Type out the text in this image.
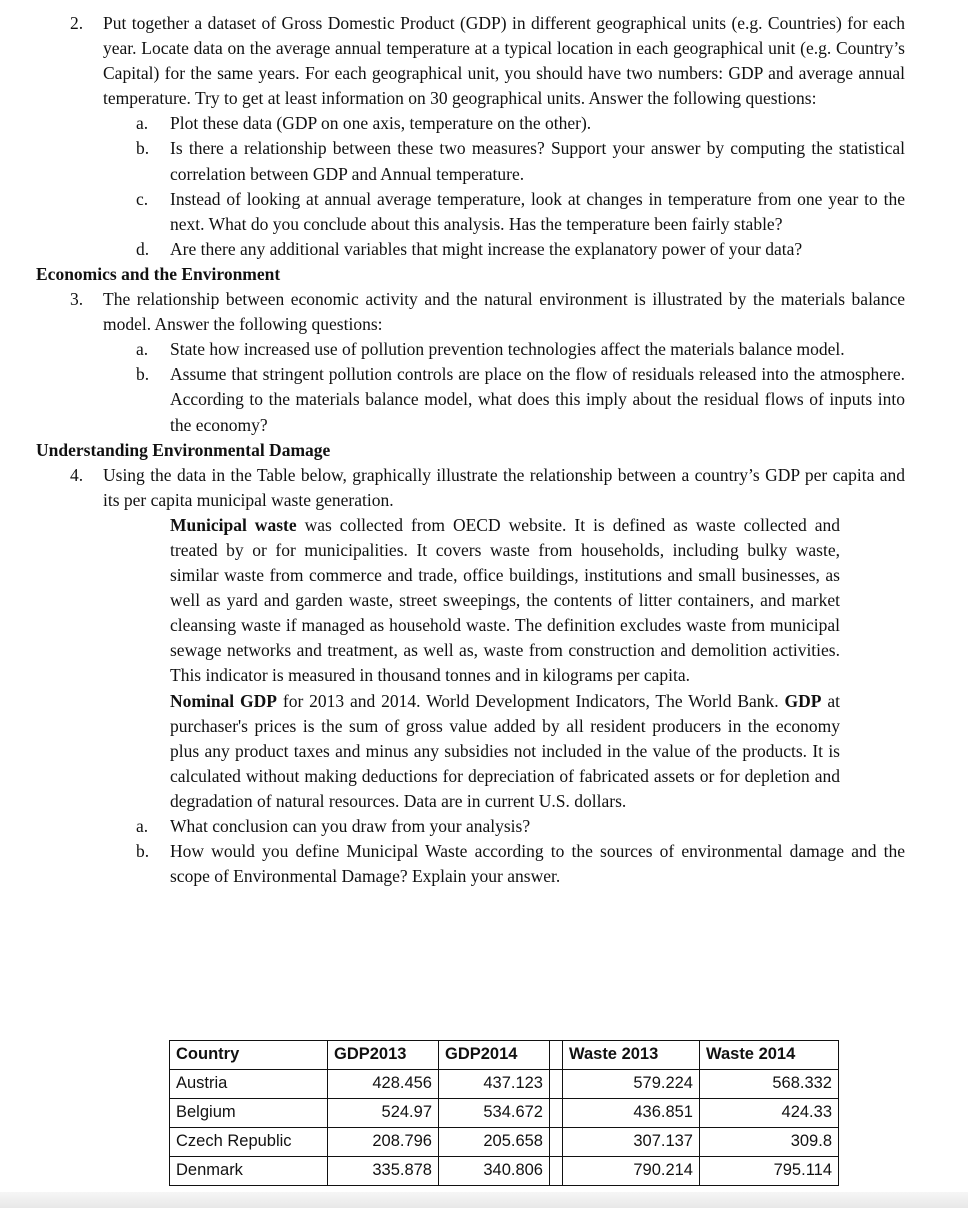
2. Put together a dataset of Gross Domestic Product (GDP) in different geographical units (e.g. Countries) for each year. Locate data on the average annual temperature at a typical location in each geographical unit (e.g. Country’s Capital) for the same years. For each geographical unit, you should have two numbers: GDP and average annual temperature. Try to get at least information on 30 geographical units. Answer the following questions:
a. Plot these data (GDP on one axis, temperature on the other).
b. Is there a relationship between these two measures? Support your answer by computing the statistical correlation between GDP and Annual temperature.
c. Instead of looking at annual average temperature, look at changes in temperature from one year to the next. What do you conclude about this analysis. Has the temperature been fairly stable?
d. Are there any additional variables that might increase the explanatory power of your data?
Economics and the Environment
3. The relationship between economic activity and the natural environment is illustrated by the materials balance model. Answer the following questions:
a. State how increased use of pollution prevention technologies affect the materials balance model.
b. Assume that stringent pollution controls are place on the flow of residuals released into the atmosphere. According to the materials balance model, what does this imply about the residual flows of inputs into the economy?
Understanding Environmental Damage
4. Using the data in the Table below, graphically illustrate the relationship between a country’s GDP per capita and its per capita municipal waste generation.
Municipal waste was collected from OECD website. It is defined as waste collected and treated by or for municipalities. It covers waste from households, including bulky waste, similar waste from commerce and trade, office buildings, institutions and small businesses, as well as yard and garden waste, street sweepings, the contents of litter containers, and market cleansing waste if managed as household waste. The definition excludes waste from municipal sewage networks and treatment, as well as, waste from construction and demolition activities. This indicator is measured in thousand tonnes and in kilograms per capita.
Nominal GDP for 2013 and 2014. World Development Indicators, The World Bank. GDP at purchaser's prices is the sum of gross value added by all resident producers in the economy plus any product taxes and minus any subsidies not included in the value of the products. It is calculated without making deductions for depreciation of fabricated assets or for depletion and degradation of natural resources. Data are in current U.S. dollars.
a. What conclusion can you draw from your analysis?
b. How would you define Municipal Waste according to the sources of environmental damage and the scope of Environmental Damage? Explain your answer.
Country	GDP2013	GDP2014		Waste 2013	Waste 2014
Austria	428.456	437.123		579.224	568.332
Belgium	524.97	534.672		436.851	424.33
Czech Republic	208.796	205.658		307.137	309.8
Denmark	335.878	340.806		790.214	795.114
